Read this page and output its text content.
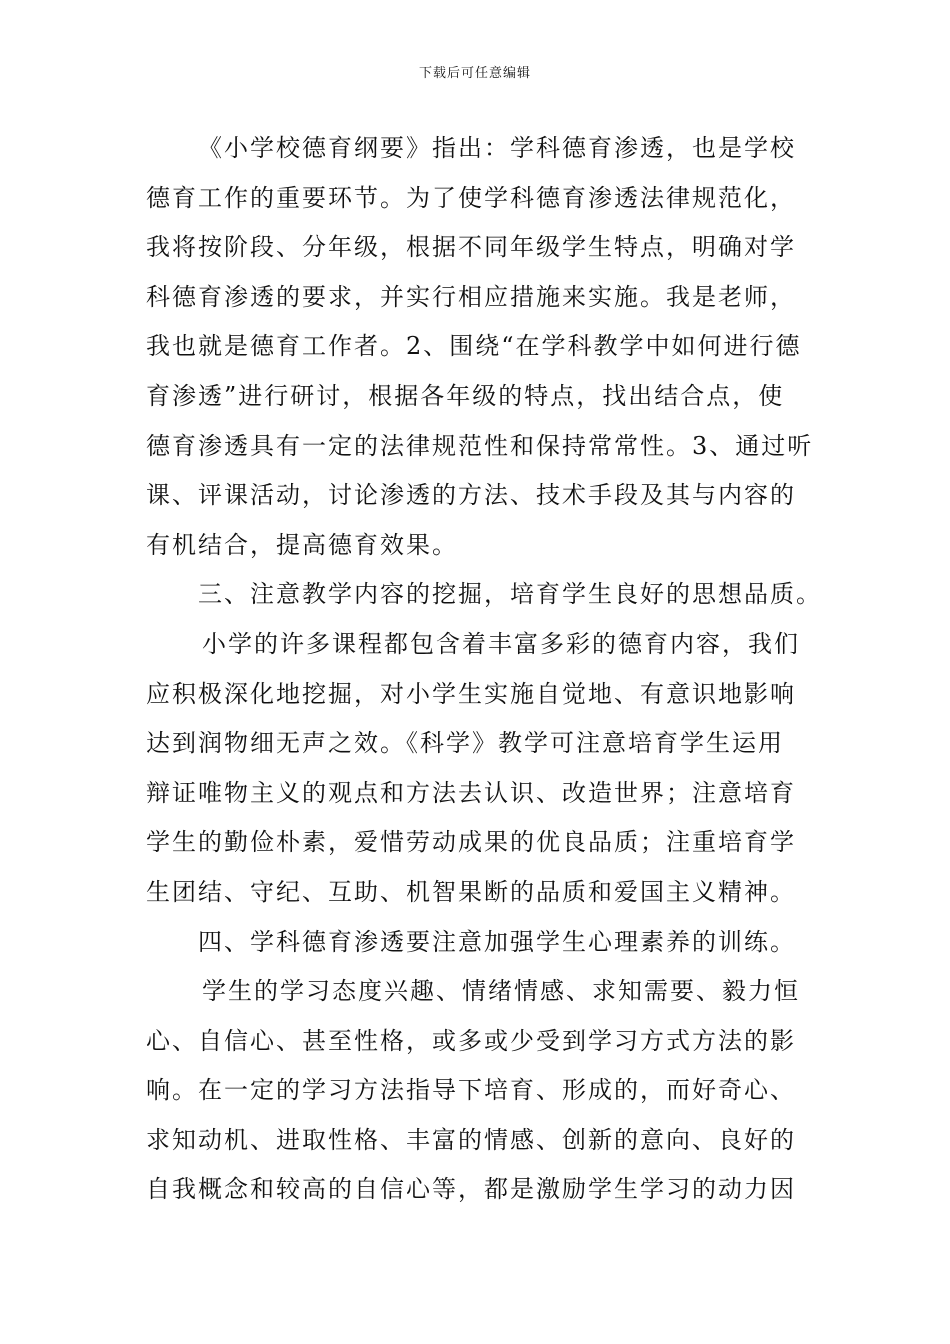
下载后可任意编辑
《小学校德育纲要》指出：学科德育渗透，也是学校
德育工作的重要环节。为了使学科德育渗透法律规范化，
我将按阶段、分年级，根据不同年级学生特点，明确对学
科德育渗透的要求，并实行相应措施来实施。我是老师，
我也就是德育工作者。2、围绕“在学科教学中如何进行德
育渗透”进行研讨，根据各年级的特点，找出结合点，使
德育渗透具有一定的法律规范性和保持常常性。3、通过听
课、评课活动，讨论渗透的方法、技术手段及其与内容的
有机结合，提高德育效果。
三、注意教学内容的挖掘，培育学生良好的思想品质。
小学的许多课程都包含着丰富多彩的德育内容，我们
应积极深化地挖掘，对小学生实施自觉地、有意识地影响
达到润物细无声之效。《科学》教学可注意培育学生运用
辩证唯物主义的观点和方法去认识、改造世界；注意培育
学生的勤俭朴素，爱惜劳动成果的优良品质；注重培育学
生团结、守纪、互助、机智果断的品质和爱国主义精神。
四、学科德育渗透要注意加强学生心理素养的训练。
学生的学习态度兴趣、情绪情感、求知需要、毅力恒
心、自信心、甚至性格，或多或少受到学习方式方法的影
响。在一定的学习方法指导下培育、形成的，而好奇心、
求知动机、进取性格、丰富的情感、创新的意向、良好的
自我概念和较高的自信心等，都是激励学生学习的动力因
